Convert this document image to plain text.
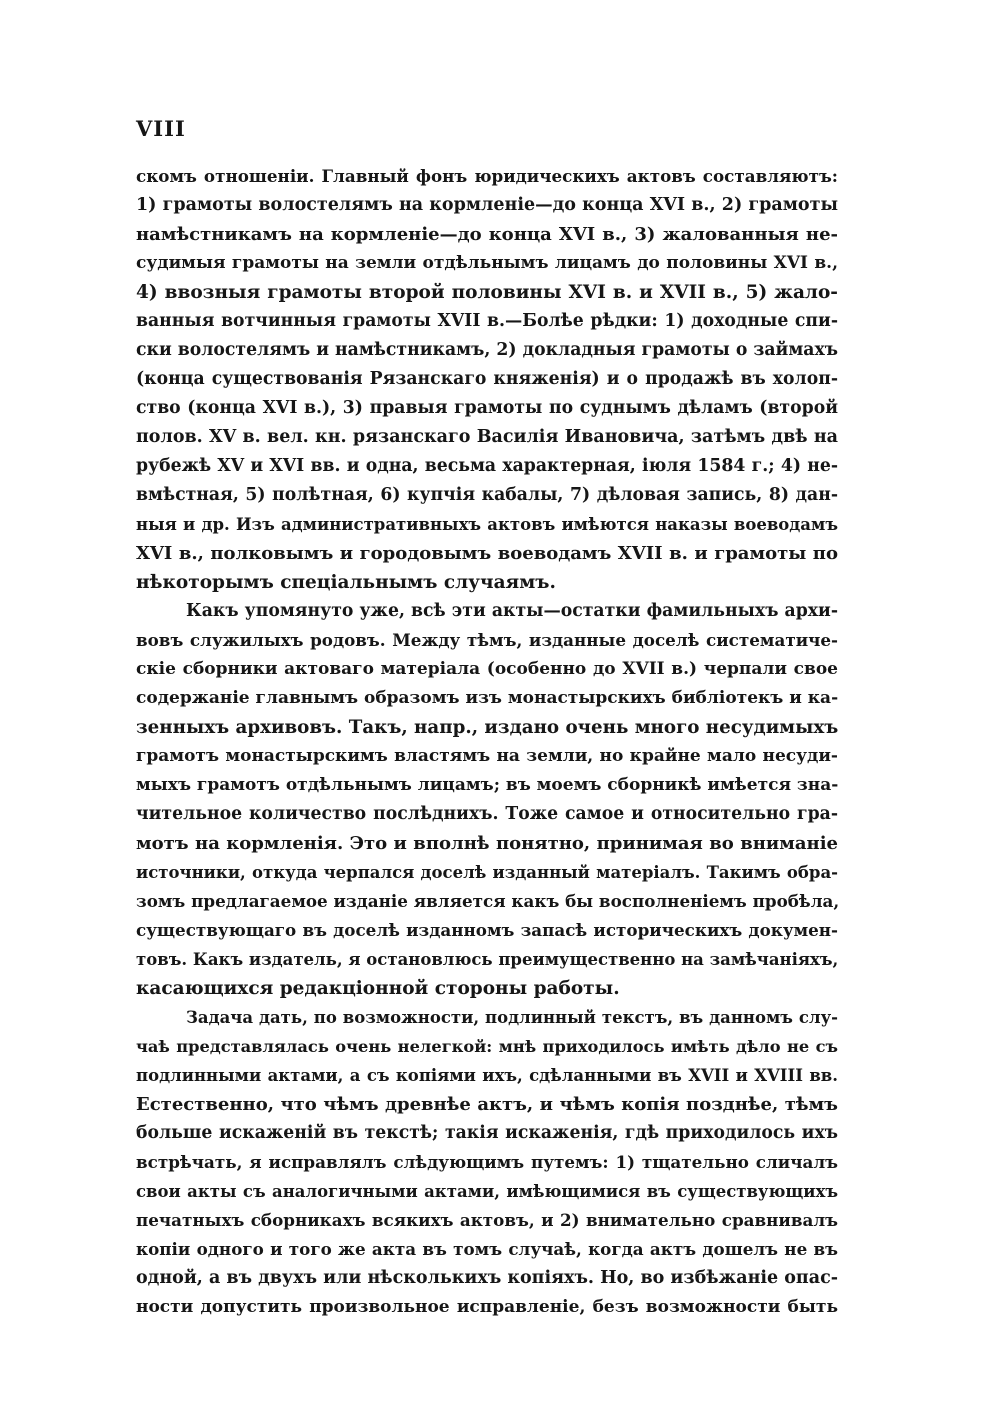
VIII
скомъ отношеніи. Главный фонъ юридическихъ актовъ составляютъ:
1) грамоты волостелямъ на кормленіе—до конца XVI в., 2) грамоты
намѣстникамъ на кормленіе—до конца XVI в., 3) жалованныя не-
судимыя грамоты на земли отдѣльнымъ лицамъ до половины XVI в.,
4) ввозныя грамоты второй половины XVI в. и XVII в., 5) жало-
ванныя вотчинныя грамоты XVII в.—Болѣе рѣдки: 1) доходные спи-
ски волостелямъ и намѣстникамъ, 2) докладныя грамоты о займахъ
(конца существованія Рязанскаго княженія) и о продажѣ въ холоп-
ство (конца XVI в.), 3) правыя грамоты по суднымъ дѣламъ (второй
полов. XV в. вел. кн. рязанскаго Василія Ивановича, затѣмъ двѣ на
рубежѣ XV и XVI вв. и одна, весьма характерная, іюля 1584 г.; 4) не-
вмѣстная, 5) полѣтная, 6) купчія кабалы, 7) дѣловая запись, 8) дан-
ныя и др. Изъ административныхъ актовъ имѣются наказы воеводамъ
XVI в., полковымъ и городовымъ воеводамъ XVII в. и грамоты по
нѣкоторымъ спеціальнымъ случаямъ.
Какъ упомянуто уже, всѣ эти акты—остатки фамильныхъ архи-
вовъ служилыхъ родовъ. Между тѣмъ, изданные доселѣ систематиче-
скіе сборники актоваго матеріала (особенно до XVII в.) черпали свое
содержаніе главнымъ образомъ изъ монастырскихъ библіотекъ и ка-
зенныхъ архивовъ. Такъ, напр., издано очень много несудимыхъ
грамотъ монастырскимъ властямъ на земли, но крайне мало несуди-
мыхъ грамотъ отдѣльнымъ лицамъ; въ моемъ сборникѣ имѣется зна-
чительное количество послѣднихъ. Тоже самое и относительно гра-
мотъ на кормленія. Это и вполнѣ понятно, принимая во вниманіе
источники, откуда черпался доселѣ изданный матеріалъ. Такимъ обра-
зомъ предлагаемое изданіе является какъ бы восполненіемъ пробѣла,
существующаго въ доселѣ изданномъ запасѣ историческихъ докумен-
товъ. Какъ издатель, я остановлюсь преимущественно на замѣчаніяхъ,
касающихся редакціонной стороны работы.
Задача дать, по возможности, подлинный текстъ, въ данномъ слу-
чаѣ представлялась очень нелегкой: мнѣ приходилось имѣть дѣло не съ
подлинными актами, а съ копіями ихъ, сдѣланными въ XVII и XVIII вв.
Естественно, что чѣмъ древнѣе актъ, и чѣмъ копія позднѣе, тѣмъ
больше искаженій въ текстѣ; такія искаженія, гдѣ приходилось ихъ
встрѣчать, я исправлялъ слѣдующимъ путемъ: 1) тщательно сличалъ
свои акты съ аналогичными актами, имѣющимися въ существующихъ
печатныхъ сборникахъ всякихъ актовъ, и 2) внимательно сравнивалъ
копіи одного и того же акта въ томъ случаѣ, когда актъ дошелъ не въ
одной, а въ двухъ или нѣсколькихъ копіяхъ. Но, во избѣжаніе опас-
ности допустить произвольное исправленіе, безъ возможности быть
